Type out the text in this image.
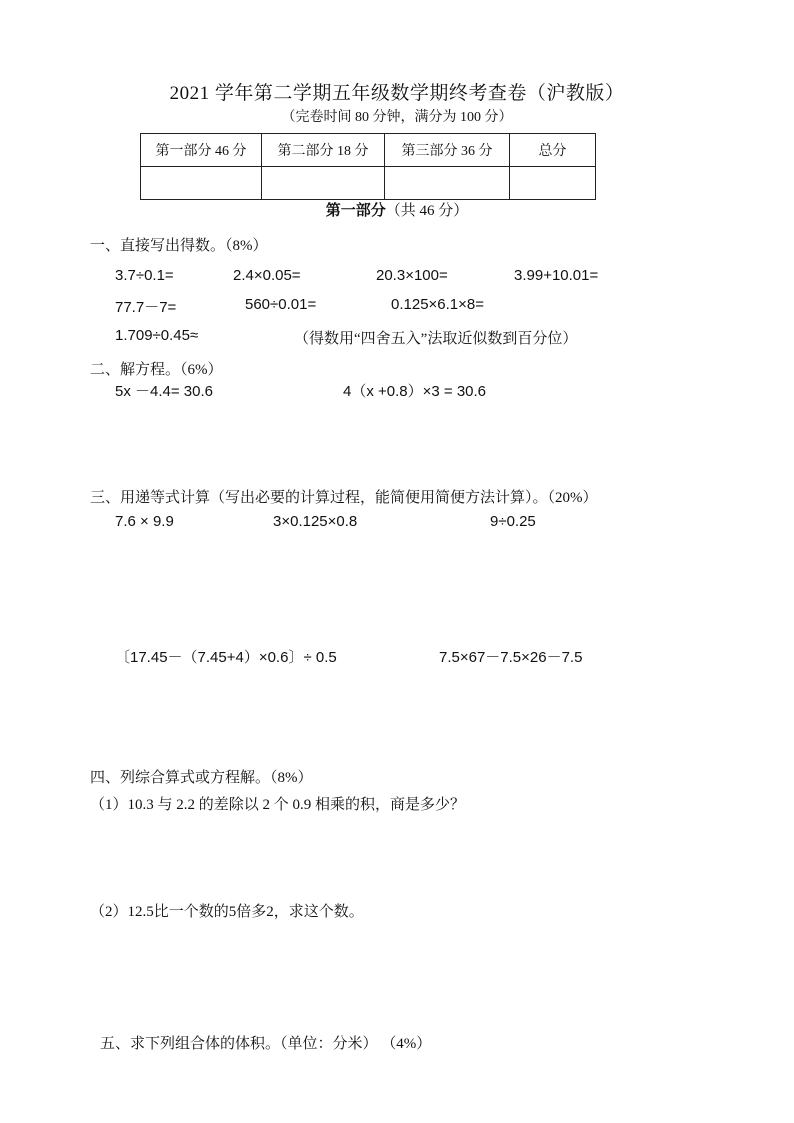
2021 学年第二学期五年级数学期终考查卷（沪教版）
（完卷时间 80 分钟，满分为 100 分）
第一部分 46 分	第二部分 18 分	第三部分 36 分	总分

第一部分（共 46 分）
一、直接写出得数。（8%）
3.7÷0.1=	2.4×0.05=	20.3×100=	3.99+10.01=
77.7－7=	560÷0.01=	0.125×6.1×8=
1.709÷0.45≈	（得数用“四舍五入”法取近似数到百分位）
二、解方程。（6%）
5x －4.4= 30.6	4（x +0.8）×3 = 30.6
三、用递等式计算（写出必要的计算过程，能简便用简便方法计算）。（20%）
7.6 × 9.9	3×0.125×0.8	9÷0.25
〔17.45－（7.45+4）×0.6〕÷ 0.5	7.5×67－7.5×26－7.5
四、列综合算式或方程解。（8%）
（1）10.3 与 2.2 的差除以 2 个 0.9 相乘的积，商是多少？
（2）12.5比一个数的5倍多2，求这个数。
五、求下列组合体的体积。（单位：分米） （4%）
